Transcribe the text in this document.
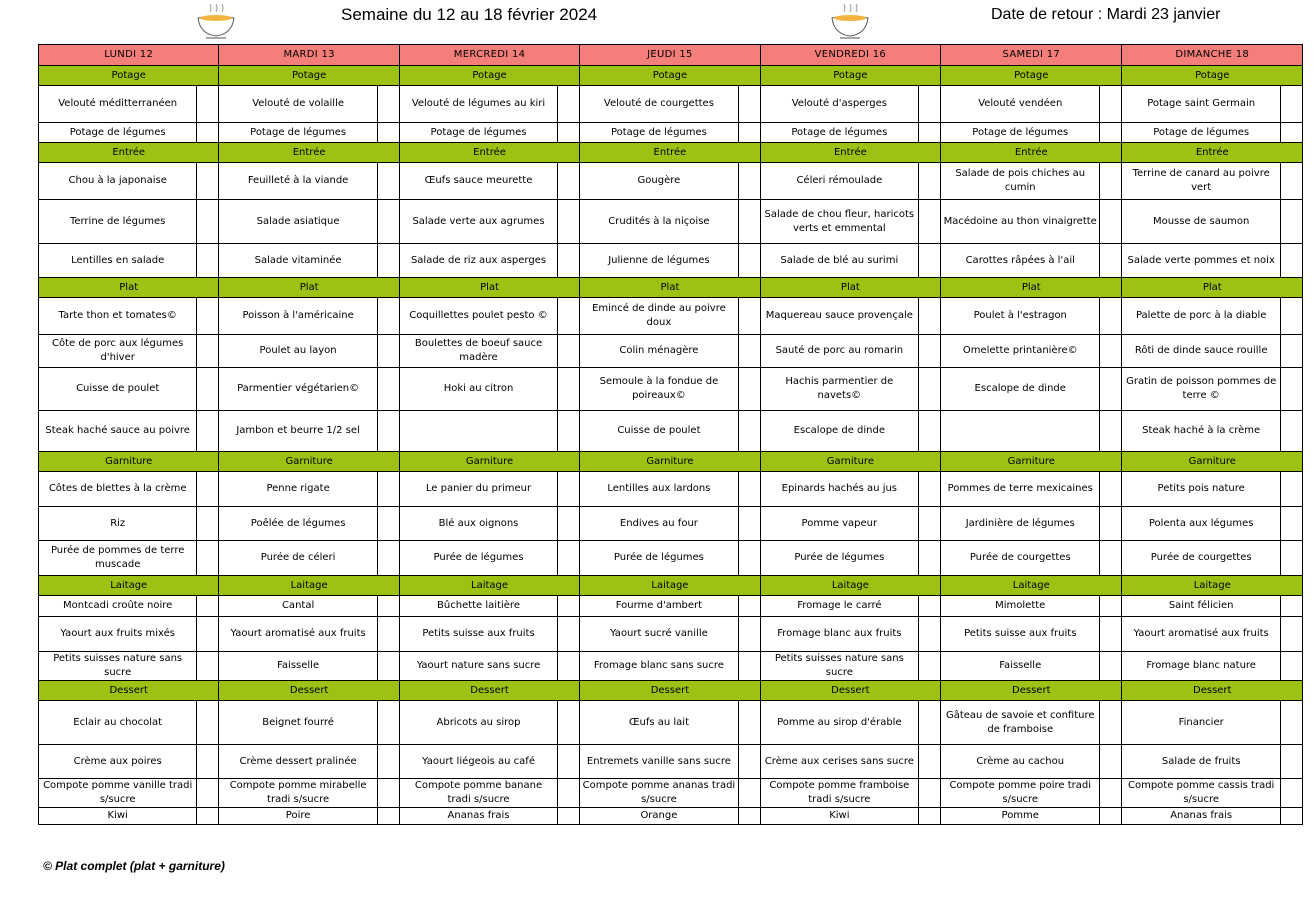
Semaine du 12 au 18 février 2024	Date de retour : Mardi 23 janvier
LUNDI 12		MARDI 13		MERCREDI 14		JEUDI 15		VENDREDI 16		SAMEDI 17		DIMANCHE 18	
Potage		Potage		Potage		Potage		Potage		Potage		Potage	
Velouté méditterranéen		Velouté de volaille		Velouté de légumes au kiri		Velouté de courgettes		Velouté d'asperges		Velouté vendéen		Potage saint Germain	
Potage de légumes		Potage de légumes		Potage de légumes		Potage de légumes		Potage de légumes		Potage de légumes		Potage de légumes	
Entrée		Entrée		Entrée		Entrée		Entrée		Entrée		Entrée	
Chou à la japonaise		Feuilleté à la viande		Œufs sauce meurette		Gougère		Céleri rémoulade		Salade de pois chiches au cumin		Terrine de canard au poivre vert	
Terrine de légumes		Salade asiatique		Salade verte aux agrumes		Crudités à la niçoise		Salade de chou fleur, haricots verts et emmental		Macédoine au thon vinaigrette		Mousse de saumon	
Lentilles en salade		Salade vitaminée		Salade de riz aux asperges		Julienne de légumes		Salade de blé au surimi		Carottes râpées à l'ail		Salade verte pommes et noix	
Plat		Plat		Plat		Plat		Plat		Plat		Plat	
Tarte thon et tomates©		Poisson à l'américaine		Coquillettes poulet pesto ©		Emincé de dinde au poivre doux		Maquereau sauce provençale		Poulet à l'estragon		Palette de porc à la diable	
Côte de porc aux légumes d'hiver		Poulet au layon		Boulettes de boeuf sauce madère		Colin ménagère		Sauté de porc au romarin		Omelette printanière©		Rôti de dinde sauce rouille	
Cuisse de poulet		Parmentier végétarien©		Hoki au citron		Semoule à la fondue de poireaux©		Hachis parmentier de navets©		Escalope de dinde		Gratin de poisson pommes de terre ©	
Steak haché sauce au poivre		Jambon et beurre 1/2 sel				Cuisse de poulet		Escalope de dinde				Steak haché à la crème	
Garniture		Garniture		Garniture		Garniture		Garniture		Garniture		Garniture	
Côtes de blettes à la crème		Penne rigate		Le panier du primeur		Lentilles aux lardons		Epinards hachés au jus		Pommes de terre mexicaines		Petits pois nature	
Riz		Poêlée de légumes		Blé aux oignons		Endives au four		Pomme vapeur		Jardinière de légumes		Polenta aux légumes	
Purée de pommes de terre muscade		Purée de céleri		Purée de légumes		Purée de légumes		Purée de légumes		Purée de courgettes		Purée de courgettes	
Laitage		Laitage		Laitage		Laitage		Laitage		Laitage		Laitage	
Montcadi croûte noire		Cantal		Bûchette laitière		Fourme d'ambert		Fromage le carré		Mimolette		Saint félicien	
Yaourt aux fruits mixés		Yaourt aromatisé aux fruits		Petits suisse aux fruits		Yaourt sucré vanille		Fromage blanc aux fruits		Petits suisse aux fruits		Yaourt aromatisé aux fruits	
Petits suisses nature sans sucre		Faisselle		Yaourt nature sans sucre		Fromage blanc sans sucre		Petits suisses nature sans sucre		Faisselle		Fromage blanc nature	
Dessert		Dessert		Dessert		Dessert		Dessert		Dessert		Dessert	
Eclair au chocolat		Beignet fourré		Abricots au sirop		Œufs au lait		Pomme au sirop d'érable		Gâteau de savoie et confiture de framboise		Financier	
Crème aux poires		Crème dessert pralinée		Yaourt liégeois au café		Entremets vanille sans sucre		Crème aux cerises sans sucre		Crème au cachou		Salade de fruits	
Compote pomme vanille tradi s/sucre		Compote pomme mirabelle tradi s/sucre		Compote pomme banane tradi s/sucre		Compote pomme ananas tradi s/sucre		Compote pomme framboise tradi s/sucre		Compote pomme poire tradi s/sucre		Compote pomme cassis tradi s/sucre	
Kiwi		Poire		Ananas frais		Orange		Kiwi		Pomme		Ananas frais	
© Plat complet (plat + garniture)
